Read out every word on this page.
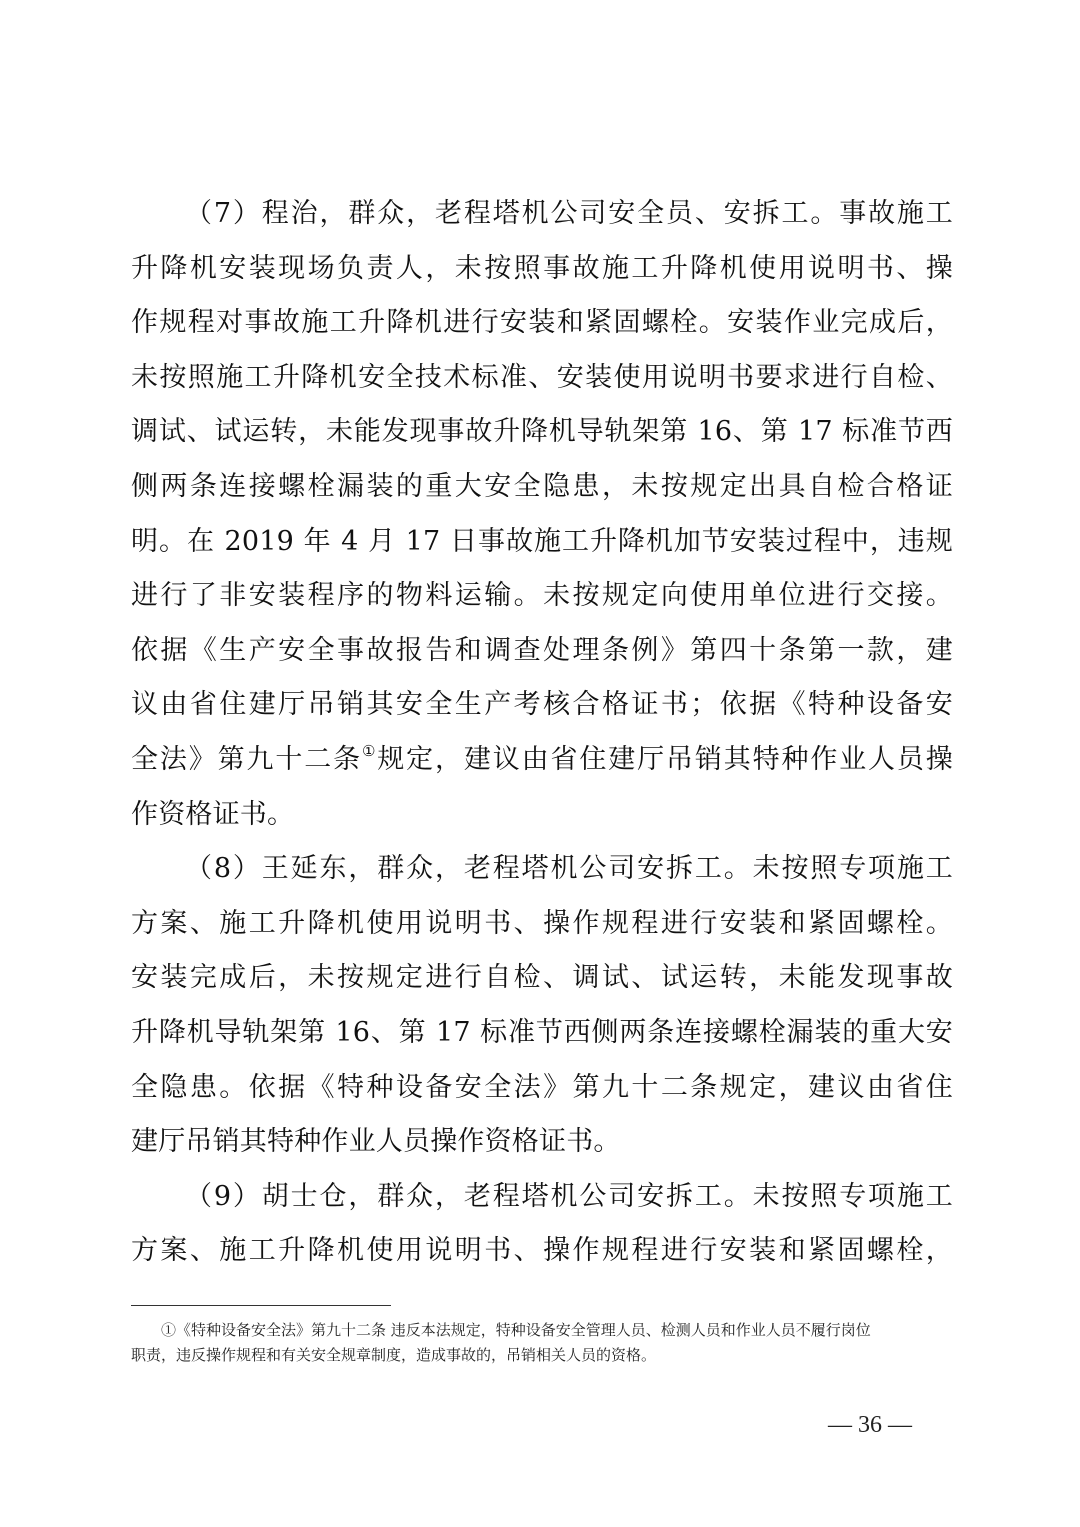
（7）程治，群众，老程塔机公司安全员、安拆工。事故施工
升降机安装现场负责人，未按照事故施工升降机使用说明书、操
作规程对事故施工升降机进行安装和紧固螺栓。安装作业完成后，
未按照施工升降机安全技术标准、安装使用说明书要求进行自检、
调试、试运转，未能发现事故升降机导轨架第 16、第 17 标准节西
侧两条连接螺栓漏装的重大安全隐患，未按规定出具自检合格证
明。在 2019 年 4 月 17 日事故施工升降机加节安装过程中，违规
进行了非安装程序的物料运输。未按规定向使用单位进行交接。
依据《生产安全事故报告和调查处理条例》第四十条第一款，建
议由省住建厅吊销其安全生产考核合格证书；依据《特种设备安
全法》第九十二条①规定，建议由省住建厅吊销其特种作业人员操
作资格证书。
（8）王延东，群众，老程塔机公司安拆工。未按照专项施工
方案、施工升降机使用说明书、操作规程进行安装和紧固螺栓。
安装完成后，未按规定进行自检、调试、试运转，未能发现事故
升降机导轨架第 16、第 17 标准节西侧两条连接螺栓漏装的重大安
全隐患。依据《特种设备安全法》第九十二条规定，建议由省住
建厅吊销其特种作业人员操作资格证书。
（9）胡士仓，群众，老程塔机公司安拆工。未按照专项施工
方案、施工升降机使用说明书、操作规程进行安装和紧固螺栓，
①《特种设备安全法》第九十二条 违反本法规定，特种设备安全管理人员、检测人员和作业人员不履行岗位
职责，违反操作规程和有关安全规章制度，造成事故的，吊销相关人员的资格。
— 36 —
